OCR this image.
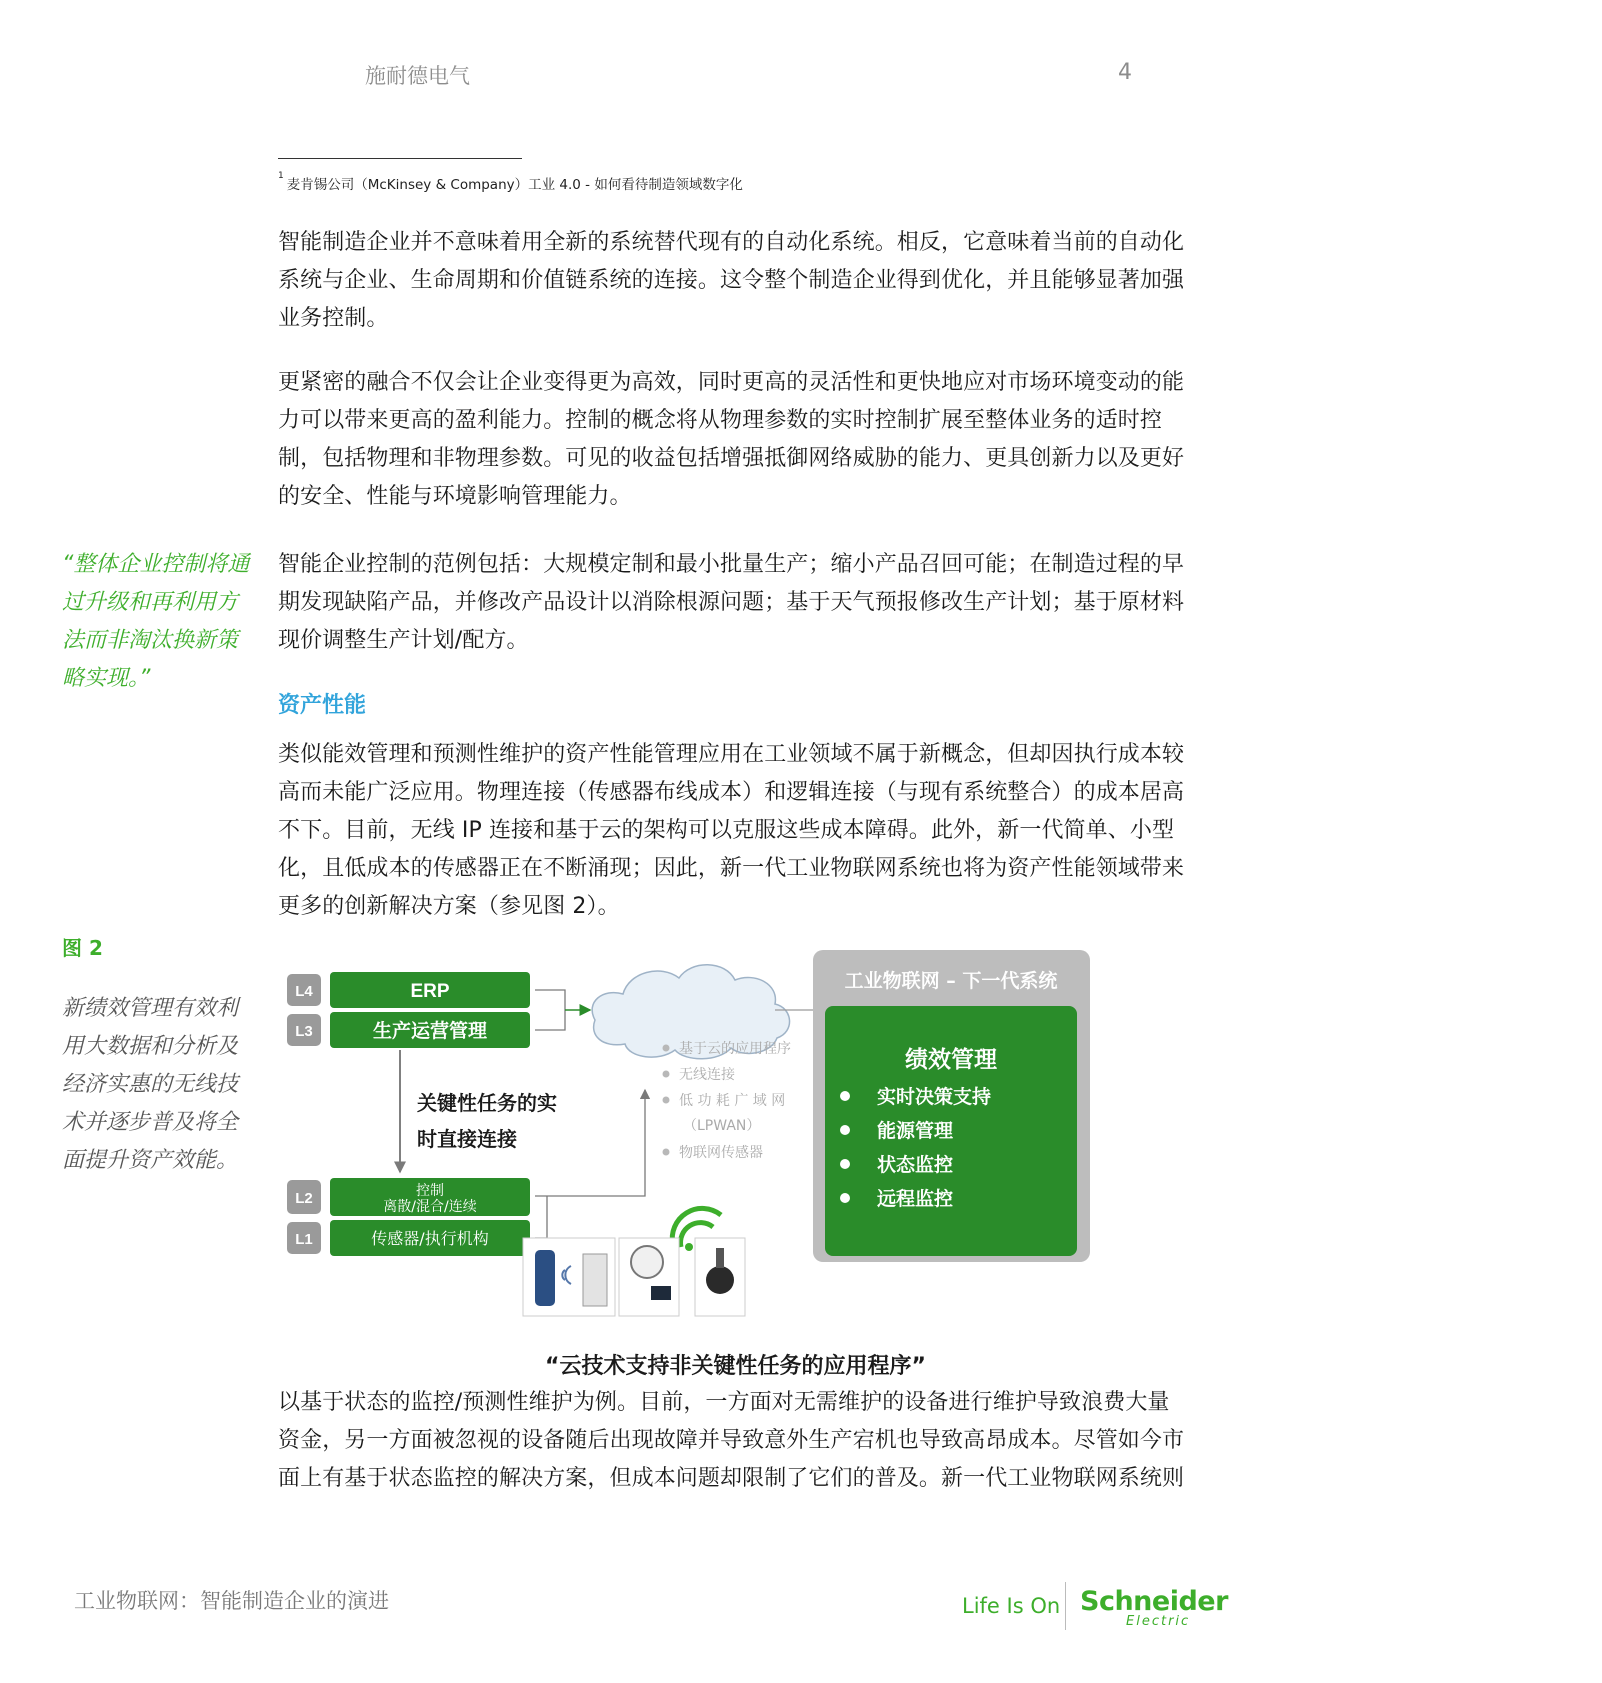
施耐德电气	4
$^1$麦肯锡公司（McKinsey & Company）工业 4.0 - 如何看待制造领域数字化
智能制造企业并不意味着用全新的系统替代现有的自动化系统。相反，它意味着当前的自动化
系统与企业、生命周期和价值链系统的连接。这令整个制造企业得到优化，并且能够显著加强
业务控制。
更紧密的融合不仅会让企业变得更为高效，同时更高的灵活性和更快地应对市场环境变动的能
力可以带来更高的盈利能力。控制的概念将从物理参数的实时控制扩展至整体业务的适时控
制，包括物理和非物理参数。可见的收益包括增强抵御网络威胁的能力、更具创新力以及更好
的安全、性能与环境影响管理能力。
“整体企业控制将通
过升级和再利用方
法而非淘汰换新策
略实现。”
智能企业控制的范例包括：大规模定制和最小批量生产；缩小产品召回可能；在制造过程的早
期发现缺陷产品，并修改产品设计以消除根源问题；基于天气预报修改生产计划；基于原材料
现价调整生产计划/配方。
资产性能
类似能效管理和预测性维护的资产性能管理应用在工业领域不属于新概念，但却因执行成本较
高而未能广泛应用。物理连接（传感器布线成本）和逻辑连接（与现有系统整合）的成本居高
不下。目前，无线 IP 连接和基于云的架构可以克服这些成本障碍。此外，新一代简单、小型
化，且低成本的传感器正在不断涌现；因此，新一代工业物联网系统也将为资产性能领域带来
更多的创新解决方案（参见图 2）。
图 2
新绩效管理有效利
用大数据和分析及
经济实惠的无线技
术并逐步普及将全
面提升资产效能。
L4
L3
L2
L1
ERP
生产运营管理
控制
离散/混合/连续
传感器/执行机构
关键性任务的实
时直接连接
基于云的应用程序
无线连接
低 功 耗 广 域 网
（LPWAN）
物联网传感器
工业物联网 – 下一代系统
绩效管理
实时决策支持
能源管理
状态监控
远程监控
“云技术支持非关键性任务的应用程序”
以基于状态的监控/预测性维护为例。目前，一方面对无需维护的设备进行维护导致浪费大量
资金，另一方面被忽视的设备随后出现故障并导致意外生产宕机也导致高昂成本。尽管如今市
面上有基于状态监控的解决方案，但成本问题却限制了它们的普及。新一代工业物联网系统则
工业物联网：智能制造企业的演进	Life Is On Schneider
Electric
